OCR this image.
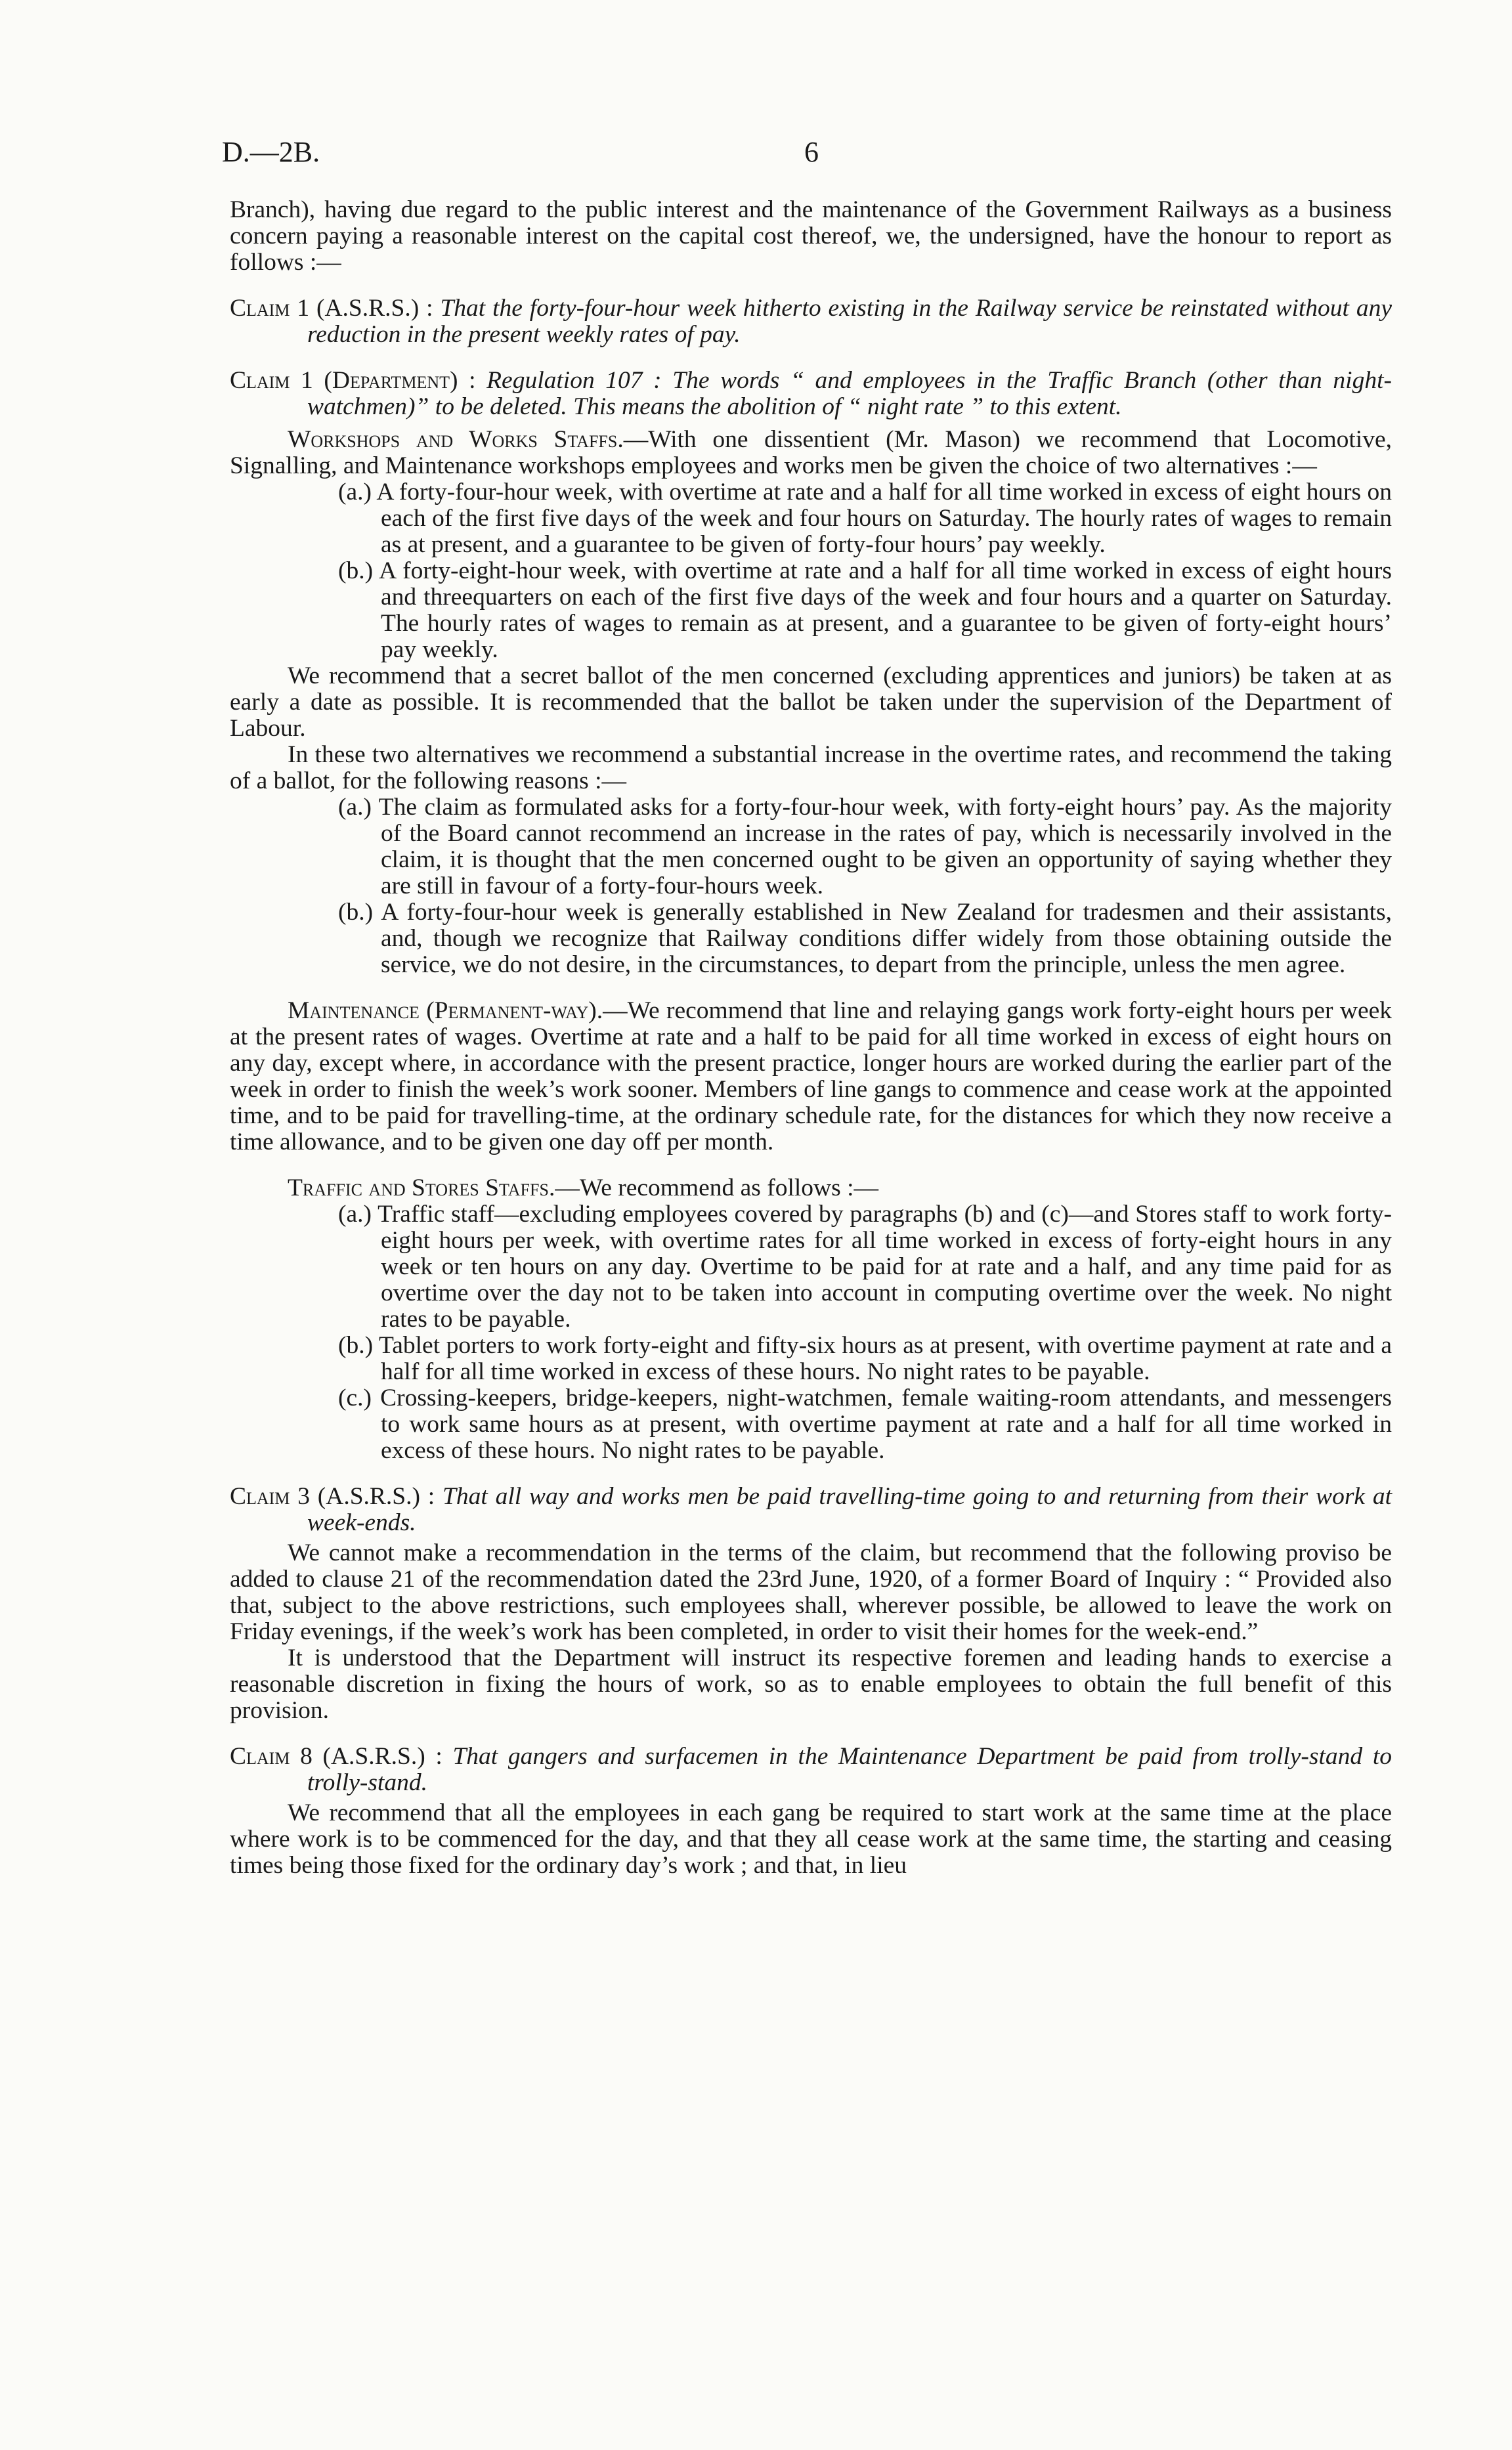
D.—2B.	6

Branch), having due regard to the public interest and the maintenance of the Government Railways as a business concern paying a reasonable interest on the capital cost thereof, we, the undersigned, have the honour to report as follows :—

Claim 1 (A.S.R.S.) : That the forty-four-hour week hitherto existing in the Railway service be reinstated without any reduction in the present weekly rates of pay.

Claim 1 (Department) : Regulation 107 : The words “ and employees in the Traffic Branch (other than night-watchmen)” to be deleted. This means the abolition of “ night rate ” to this extent.

Workshops and Works Staffs.—With one dissentient (Mr. Mason) we recommend that Locomotive, Signalling, and Maintenance workshops employees and works men be given the choice of two alternatives :—

(a.) A forty-four-hour week, with overtime at rate and a half for all time worked in excess of eight hours on each of the first five days of the week and four hours on Saturday. The hourly rates of wages to remain as at present, and a guarantee to be given of forty-four hours’ pay weekly.

(b.) A forty-eight-hour week, with overtime at rate and a half for all time worked in excess of eight hours and threequarters on each of the first five days of the week and four hours and a quarter on Saturday. The hourly rates of wages to remain as at present, and a guarantee to be given of forty-eight hours’ pay weekly.

We recommend that a secret ballot of the men concerned (excluding apprentices and juniors) be taken at as early a date as possible. It is recommended that the ballot be taken under the supervision of the Department of Labour.

In these two alternatives we recommend a substantial increase in the overtime rates, and recommend the taking of a ballot, for the following reasons :—

(a.) The claim as formulated asks for a forty-four-hour week, with forty-eight hours’ pay. As the majority of the Board cannot recommend an increase in the rates of pay, which is necessarily involved in the claim, it is thought that the men concerned ought to be given an opportunity of saying whether they are still in favour of a forty-four-hours week.

(b.) A forty-four-hour week is generally established in New Zealand for tradesmen and their assistants, and, though we recognize that Railway conditions differ widely from those obtaining outside the service, we do not desire, in the circumstances, to depart from the principle, unless the men agree.

Maintenance (Permanent-way).—We recommend that line and relaying gangs work forty-eight hours per week at the present rates of wages. Overtime at rate and a half to be paid for all time worked in excess of eight hours on any day, except where, in accordance with the present practice, longer hours are worked during the earlier part of the week in order to finish the week’s work sooner. Members of line gangs to commence and cease work at the appointed time, and to be paid for travelling-time, at the ordinary schedule rate, for the distances for which they now receive a time allowance, and to be given one day off per month.

Traffic and Stores Staffs.—We recommend as follows :—

(a.) Traffic staff—excluding employees covered by paragraphs (b) and (c)—and Stores staff to work forty-eight hours per week, with overtime rates for all time worked in excess of forty-eight hours in any week or ten hours on any day. Overtime to be paid for at rate and a half, and any time paid for as overtime over the day not to be taken into account in computing overtime over the week. No night rates to be payable.

(b.) Tablet porters to work forty-eight and fifty-six hours as at present, with overtime payment at rate and a half for all time worked in excess of these hours. No night rates to be payable.

(c.) Crossing-keepers, bridge-keepers, night-watchmen, female waiting-room attendants, and messengers to work same hours as at present, with overtime payment at rate and a half for all time worked in excess of these hours. No night rates to be payable.

Claim 3 (A.S.R.S.) : That all way and works men be paid travelling-time going to and returning from their work at week-ends.

We cannot make a recommendation in the terms of the claim, but recommend that the following proviso be added to clause 21 of the recommendation dated the 23rd June, 1920, of a former Board of Inquiry : “ Provided also that, subject to the above restrictions, such employees shall, wherever possible, be allowed to leave the work on Friday evenings, if the week’s work has been completed, in order to visit their homes for the week-end.”

It is understood that the Department will instruct its respective foremen and leading hands to exercise a reasonable discretion in fixing the hours of work, so as to enable employees to obtain the full benefit of this provision.

Claim 8 (A.S.R.S.) : That gangers and surfacemen in the Maintenance Department be paid from trolly-stand to trolly-stand.

We recommend that all the employees in each gang be required to start work at the same time at the place where work is to be commenced for the day, and that they all cease work at the same time, the starting and ceasing times being those fixed for the ordinary day’s work ; and that, in lieu
